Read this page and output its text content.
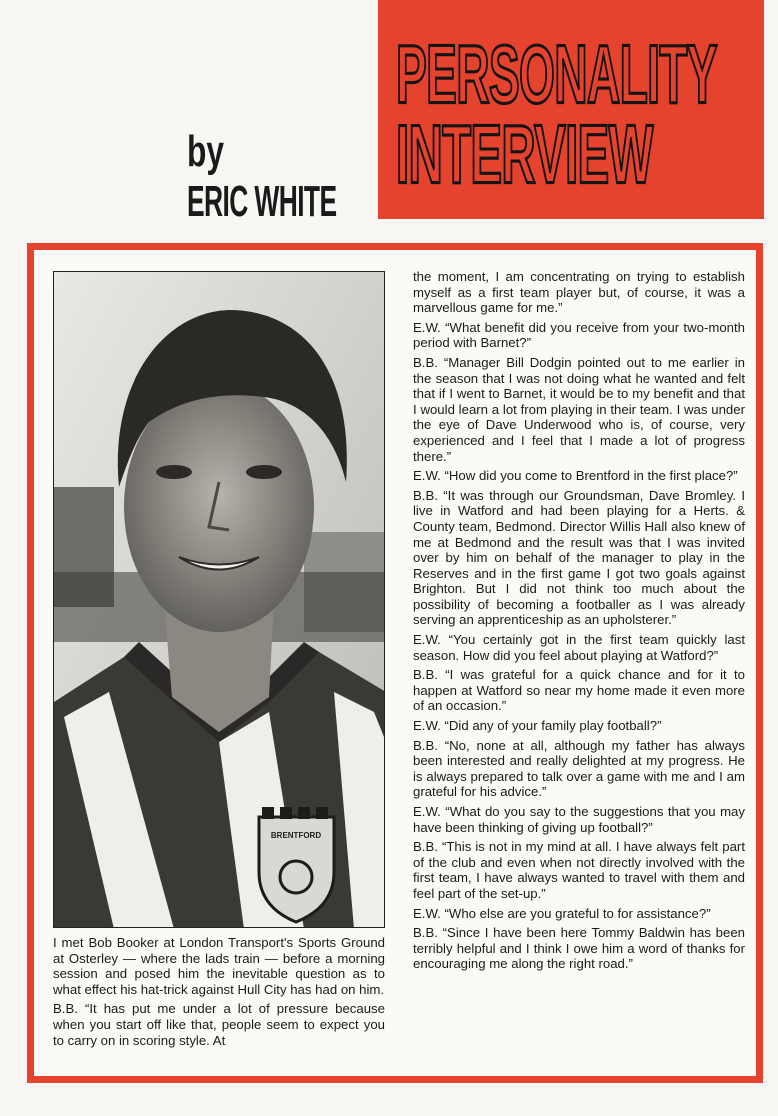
PERSONALITY
INTERVIEW
by
ERIC WHITE
BRENTFORD

I met Bob Booker at London Transport's Sports Ground at Osterley — where the lads train — before a morning session and posed him the inevitable question as to what effect his hat-trick against Hull City has had on him.

B.B. “It has put me under a lot of pressure because when you start off like that, people seem to expect you to carry on in scoring style. At

the moment, I am concentrating on trying to establish myself as a first team player but, of course, it was a marvellous game for me.”

E.W. “What benefit did you receive from your two-month period with Barnet?”

B.B. “Manager Bill Dodgin pointed out to me earlier in the season that I was not doing what he wanted and felt that if I went to Barnet, it would be to my benefit and that I would learn a lot from playing in their team. I was under the eye of Dave Underwood who is, of course, very experienced and I feel that I made a lot of progress there.”

E.W. “How did you come to Brentford in the first place?”

B.B. “It was through our Groundsman, Dave Bromley. I live in Watford and had been playing for a Herts. & County team, Bedmond. Director Willis Hall also knew of me at Bedmond and the result was that I was invited over by him on behalf of the manager to play in the Reserves and in the first game I got two goals against Brighton. But I did not think too much about the possibility of becoming a footballer as I was already serving an apprenticeship as an upholsterer.”

E.W. “You certainly got in the first team quickly last season. How did you feel about playing at Watford?”

B.B. “I was grateful for a quick chance and for it to happen at Watford so near my home made it even more of an occasion.”

E.W. “Did any of your family play football?”

B.B. “No, none at all, although my father has always been interested and really delighted at my progress. He is always prepared to talk over a game with me and I am grateful for his advice.”

E.W. “What do you say to the suggestions that you may have been thinking of giving up football?”

B.B. “This is not in my mind at all. I have always felt part of the club and even when not directly involved with the first team, I have always wanted to travel with them and feel part of the set-up.”

E.W. “Who else are you grateful to for assistance?”

B.B. “Since I have been here Tommy Baldwin has been terribly helpful and I think I owe him a word of thanks for encouraging me along the right road.”
